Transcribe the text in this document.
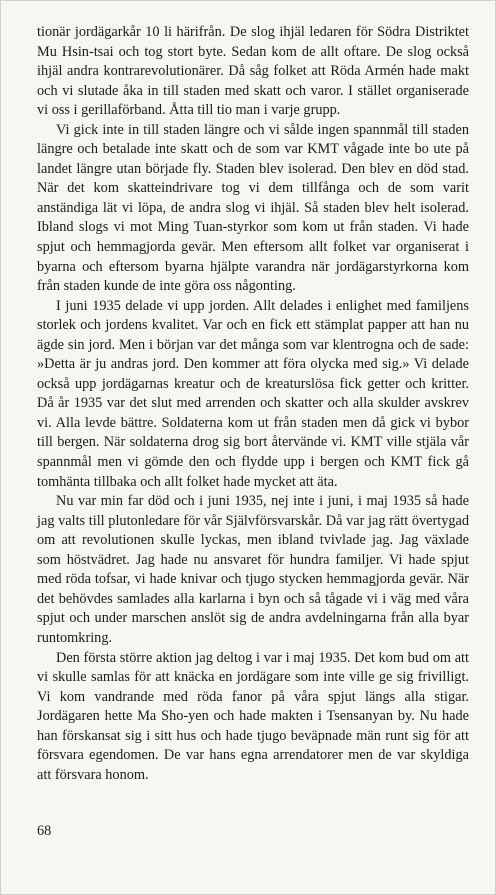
tionär jordägarkår 10 li härifrån. De slog ihjäl ledaren för Södra Distriktet Mu Hsin-tsai och tog stort byte. Sedan kom de allt oftare. De slog också ihjäl andra kontrarevolutionärer. Då såg folket att Röda Armén hade makt och vi slutade åka in till staden med skatt och varor. I stället organiserade vi oss i gerillaförband. Åtta till tio man i varje grupp.

Vi gick inte in till staden längre och vi sålde ingen spannmål till staden längre och betalade inte skatt och de som var KMT vågade inte bo ute på landet längre utan började fly. Staden blev isolerad. Den blev en död stad. När det kom skatteindrivare tog vi dem tillfånga och de som varit anständiga lät vi löpa, de andra slog vi ihjäl. Så staden blev helt isolerad. Ibland slogs vi mot Ming Tuan-styrkor som kom ut från staden. Vi hade spjut och hemmagjorda gevär. Men eftersom allt folket var organiserat i byarna och eftersom byarna hjälpte varandra när jordägarstyrkorna kom från staden kunde de inte göra oss någonting.

I juni 1935 delade vi upp jorden. Allt delades i enlighet med familjens storlek och jordens kvalitet. Var och en fick ett stämplat papper att han nu ägde sin jord. Men i början var det många som var klentrogna och de sade: »Detta är ju andras jord. Den kommer att föra olycka med sig.» Vi delade också upp jordägarnas kreatur och de kreaturslösa fick getter och kritter. Då år 1935 var det slut med arrenden och skatter och alla skulder avskrev vi. Alla levde bättre. Soldaterna kom ut från staden men då gick vi bybor till bergen. När soldaterna drog sig bort återvände vi. KMT ville stjäla vår spannmål men vi gömde den och flydde upp i bergen och KMT fick gå tomhänta tillbaka och allt folket hade mycket att äta.

Nu var min far död och i juni 1935, nej inte i juni, i maj 1935 så hade jag valts till plutonledare för vår Självförsvarskår. Då var jag rätt övertygad om att revolutionen skulle lyckas, men ibland tvivlade jag. Jag växlade som höstvädret. Jag hade nu ansvaret för hundra familjer. Vi hade spjut med röda tofsar, vi hade knivar och tjugo stycken hemmagjorda gevär. När det behövdes samlades alla karlarna i byn och så tågade vi i väg med våra spjut och under marschen anslöt sig de andra avdelningarna från alla byar runtomkring.

Den första större aktion jag deltog i var i maj 1935. Det kom bud om att vi skulle samlas för att knäcka en jordägare som inte ville ge sig frivilligt. Vi kom vandrande med röda fanor på våra spjut längs alla stigar. Jordägaren hette Ma Sho-yen och hade makten i Tsensanyan by. Nu hade han förskansat sig i sitt hus och hade tjugo beväpnade män runt sig för att försvara egendomen. De var hans egna arrendatorer men de var skyldiga att försvara honom.

68
